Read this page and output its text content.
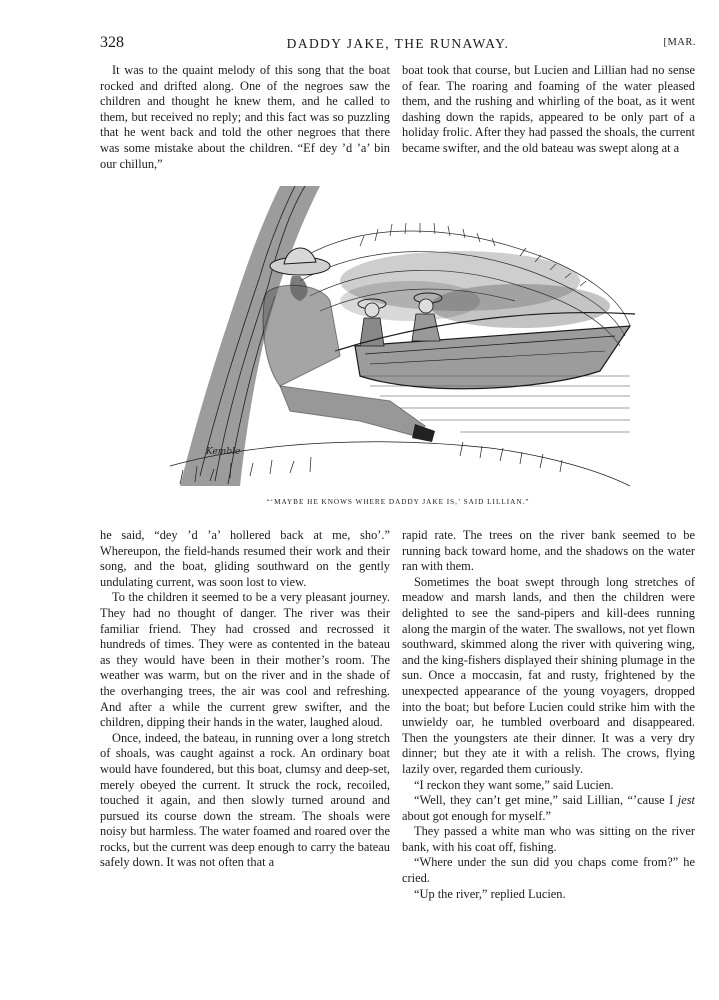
328	DADDY JAKE, THE RUNAWAY.	[MAR.

It was to the quaint melody of this song that the boat rocked and drifted along. One of the negroes saw the children and thought he knew them, and he called to them, but received no reply; and this fact was so puzzling that he went back and told the other negroes that there was some mistake about the children. “Ef dey ’d ’a’ bin our chillun,”

boat took that course, but Lucien and Lillian had no sense of fear. The roaring and foaming of the water pleased them, and the rushing and whirling of the boat, as it went dashing down the rapids, appeared to be only part of a holiday frolic. After they had passed the shoals, the current became swifter, and the old bateau was swept along at a

Kemble
“‘MAYBE HE KNOWS WHERE DADDY JAKE IS,’ SAID LILLIAN.”

he said, “dey ’d ’a’ hollered back at me, sho’.” Whereupon, the field-hands resumed their work and their song, and the boat, gliding southward on the gently undulating current, was soon lost to view.

To the children it seemed to be a very pleasant journey. They had no thought of danger. The river was their familiar friend. They had crossed and recrossed it hundreds of times. They were as contented in the bateau as they would have been in their mother’s room. The weather was warm, but on the river and in the shade of the overhanging trees, the air was cool and refreshing. And after a while the current grew swifter, and the children, dipping their hands in the water, laughed aloud.

Once, indeed, the bateau, in running over a long stretch of shoals, was caught against a rock. An ordinary boat would have foundered, but this boat, clumsy and deep-set, merely obeyed the current. It struck the rock, recoiled, touched it again, and then slowly turned around and pursued its course down the stream. The shoals were noisy but harmless. The water foamed and roared over the rocks, but the current was deep enough to carry the bateau safely down. It was not often that a

rapid rate. The trees on the river bank seemed to be running back toward home, and the shadows on the water ran with them.

Sometimes the boat swept through long stretches of meadow and marsh lands, and then the children were delighted to see the sand-pipers and kill-dees running along the margin of the water. The swallows, not yet flown southward, skimmed along the river with quivering wing, and the king-fishers displayed their shining plumage in the sun. Once a moccasin, fat and rusty, frightened by the unexpected appearance of the young voyagers, dropped into the boat; but before Lucien could strike him with the unwieldy oar, he tumbled overboard and disappeared. Then the youngsters ate their dinner. It was a very dry dinner; but they ate it with a relish. The crows, flying lazily over, regarded them curiously.

“I reckon they want some,” said Lucien.

“Well, they can’t get mine,” said Lillian, “’cause I jest about got enough for myself.”

They passed a white man who was sitting on the river bank, with his coat off, fishing.

“Where under the sun did you chaps come from?” he cried.

“Up the river,” replied Lucien.
